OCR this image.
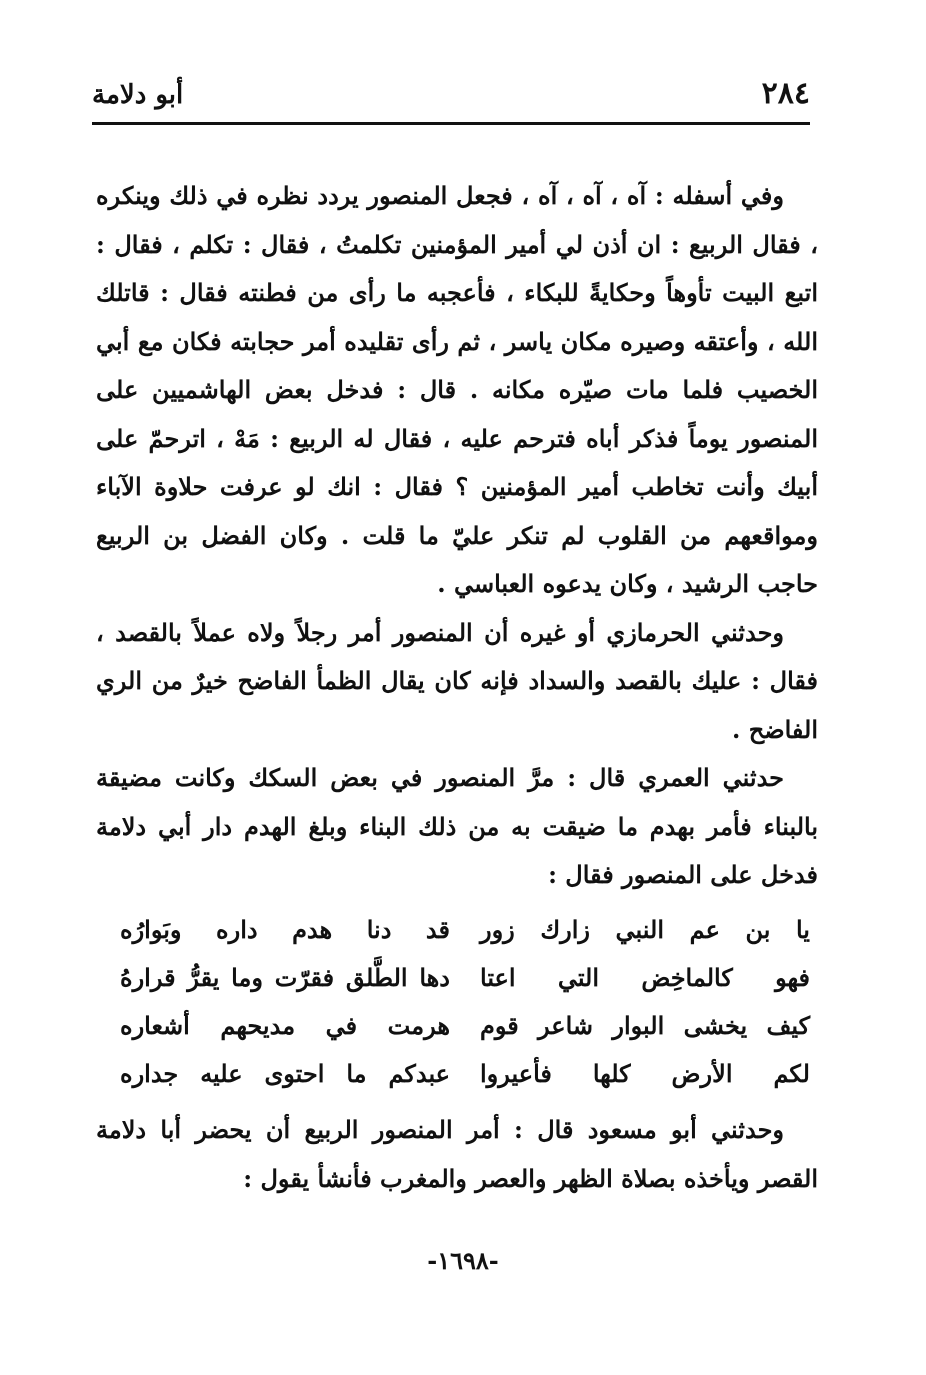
٢٨٤
أبو دلامة

وفي أسفله : آه ، آه ، آه ، فجعل المنصور يردد نظره في ذلك وينكره ، فقال الربيع : ان أذن لي أمير المؤمنين تكلمتُ ، فقال : تكلم ، فقال : اتبع البيت تأوهاً وحكايةً للبكاء ، فأعجبه ما رأى من فطنته فقال : قاتلك الله ، وأعتقه وصيره مكان ياسر ، ثم رأى تقليده أمر حجابته فكان مع أبي الخصيب فلما مات صيّره مكانه . قال : فدخل بعض الهاشميين على المنصور يوماً فذكر أباه فترحم عليه ، فقال له الربيع : مَهْ ، اترحمّ على أبيك وأنت تخاطب أمير المؤمنين ؟ فقال : انك لو عرفت حلاوة الآباء ومواقعهم من القلوب لم تنكر عليّ ما قلت . وكان الفضل بن الربيع حاجب الرشيد ، وكان يدعوه العباسي .

وحدثني الحرمازي أو غيره أن المنصور أمر رجلاً ولاه عملاً بالقصد ، فقال : عليك بالقصد والسداد فإنه كان يقال الظمأ الفاضح خيرٌ من الري الفاضح .

حدثني العمري قال : مرَّ المنصور في بعض السكك وكانت مضيقة بالبناء فأمر بهدم ما ضيقت به من ذلك البناء وبلغ الهدم دار أبي دلامة فدخل على المنصور فقال :

يا بن عم النبي زارك زور
قد دنا هدم داره وبَوارُه
فهو كالماخِض التي اعتا
دها الطَّلق فقرّت وما يقرُّ قرارهُ
كيف يخشى البوار شاعر قوم
هرمت في مديحهم أشعاره
لكم الأرض كلها فأعيروا
عبدكم ما احتوى عليه جداره

وحدثني أبو مسعود قال : أمر المنصور الربيع أن يحضر أبا دلامة القصر ويأخذه بصلاة الظهر والعصر والمغرب فأنشأ يقول :

-١٦٩٨-
